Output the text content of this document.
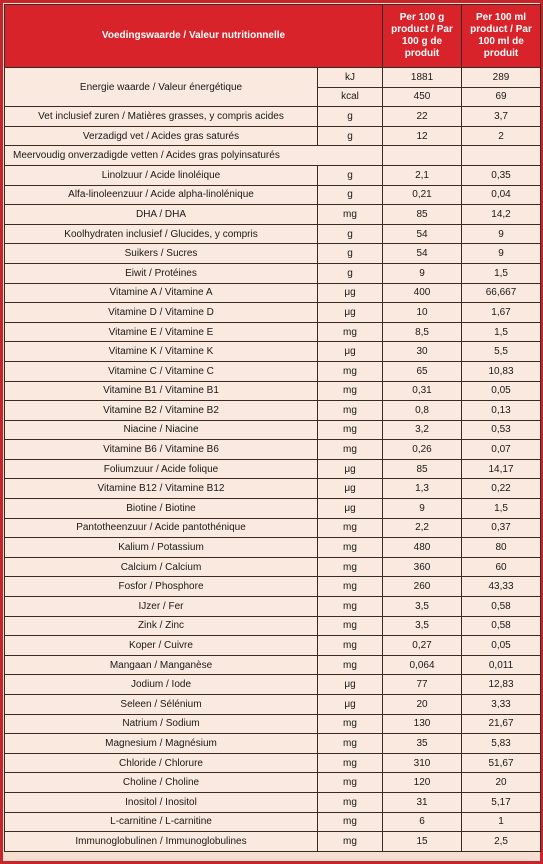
Voedingswaarde / Valeur nutritionnelle		Per 100 g product / Par 100 g de produit	Per 100 ml product / Par 100 ml de produit
Energie waarde / Valeur énergétique	kJ	1881	289
	kcal	450	69
Vet inclusief zuren / Matières grasses, y compris acides	g	22	3,7
Verzadigd vet / Acides gras saturés	g	12	2
Meervoudig onverzadigde vetten / Acides gras polyinsaturés			
Linolzuur / Acide linoléique	g	2,1	0,35
Alfa-linoleenzuur / Acide alpha-linolénique	g	0,21	0,04
DHA / DHA	mg	85	14,2
Koolhydraten inclusief / Glucides, y compris	g	54	9
Suikers / Sucres	g	54	9
Eiwit / Protéines	g	9	1,5
Vitamine A / Vitamine A	μg	400	66,667
Vitamine D / Vitamine D	μg	10	1,67
Vitamine E / Vitamine E	mg	8,5	1,5
Vitamine K / Vitamine K	μg	30	5,5
Vitamine C / Vitamine C	mg	65	10,83
Vitamine B1 / Vitamine B1	mg	0,31	0,05
Vitamine B2 / Vitamine B2	mg	0,8	0,13
Niacine / Niacine	mg	3,2	0,53
Vitamine B6 / Vitamine B6	mg	0,26	0,07
Foliumzuur / Acide folique	μg	85	14,17
Vitamine B12 / Vitamine B12	μg	1,3	0,22
Biotine / Biotine	μg	9	1,5
Pantotheenzuur / Acide pantothénique	mg	2,2	0,37
Kalium / Potassium	mg	480	80
Calcium / Calcium	mg	360	60
Fosfor / Phosphore	mg	260	43,33
IJzer / Fer	mg	3,5	0,58
Zink / Zinc	mg	3,5	0,58
Koper / Cuivre	mg	0,27	0,05
Mangaan / Manganèse	mg	0,064	0,011
Jodium / Iode	μg	77	12,83
Seleen / Sélénium	μg	20	3,33
Natrium / Sodium	mg	130	21,67
Magnesium / Magnésium	mg	35	5,83
Chloride / Chlorure	mg	310	51,67
Choline / Choline	mg	120	20
Inositol / Inositol	mg	31	5,17
L-carnitine / L-carnitine	mg	6	1
Immunoglobulinen / Immunoglobulines	mg	15	2,5
